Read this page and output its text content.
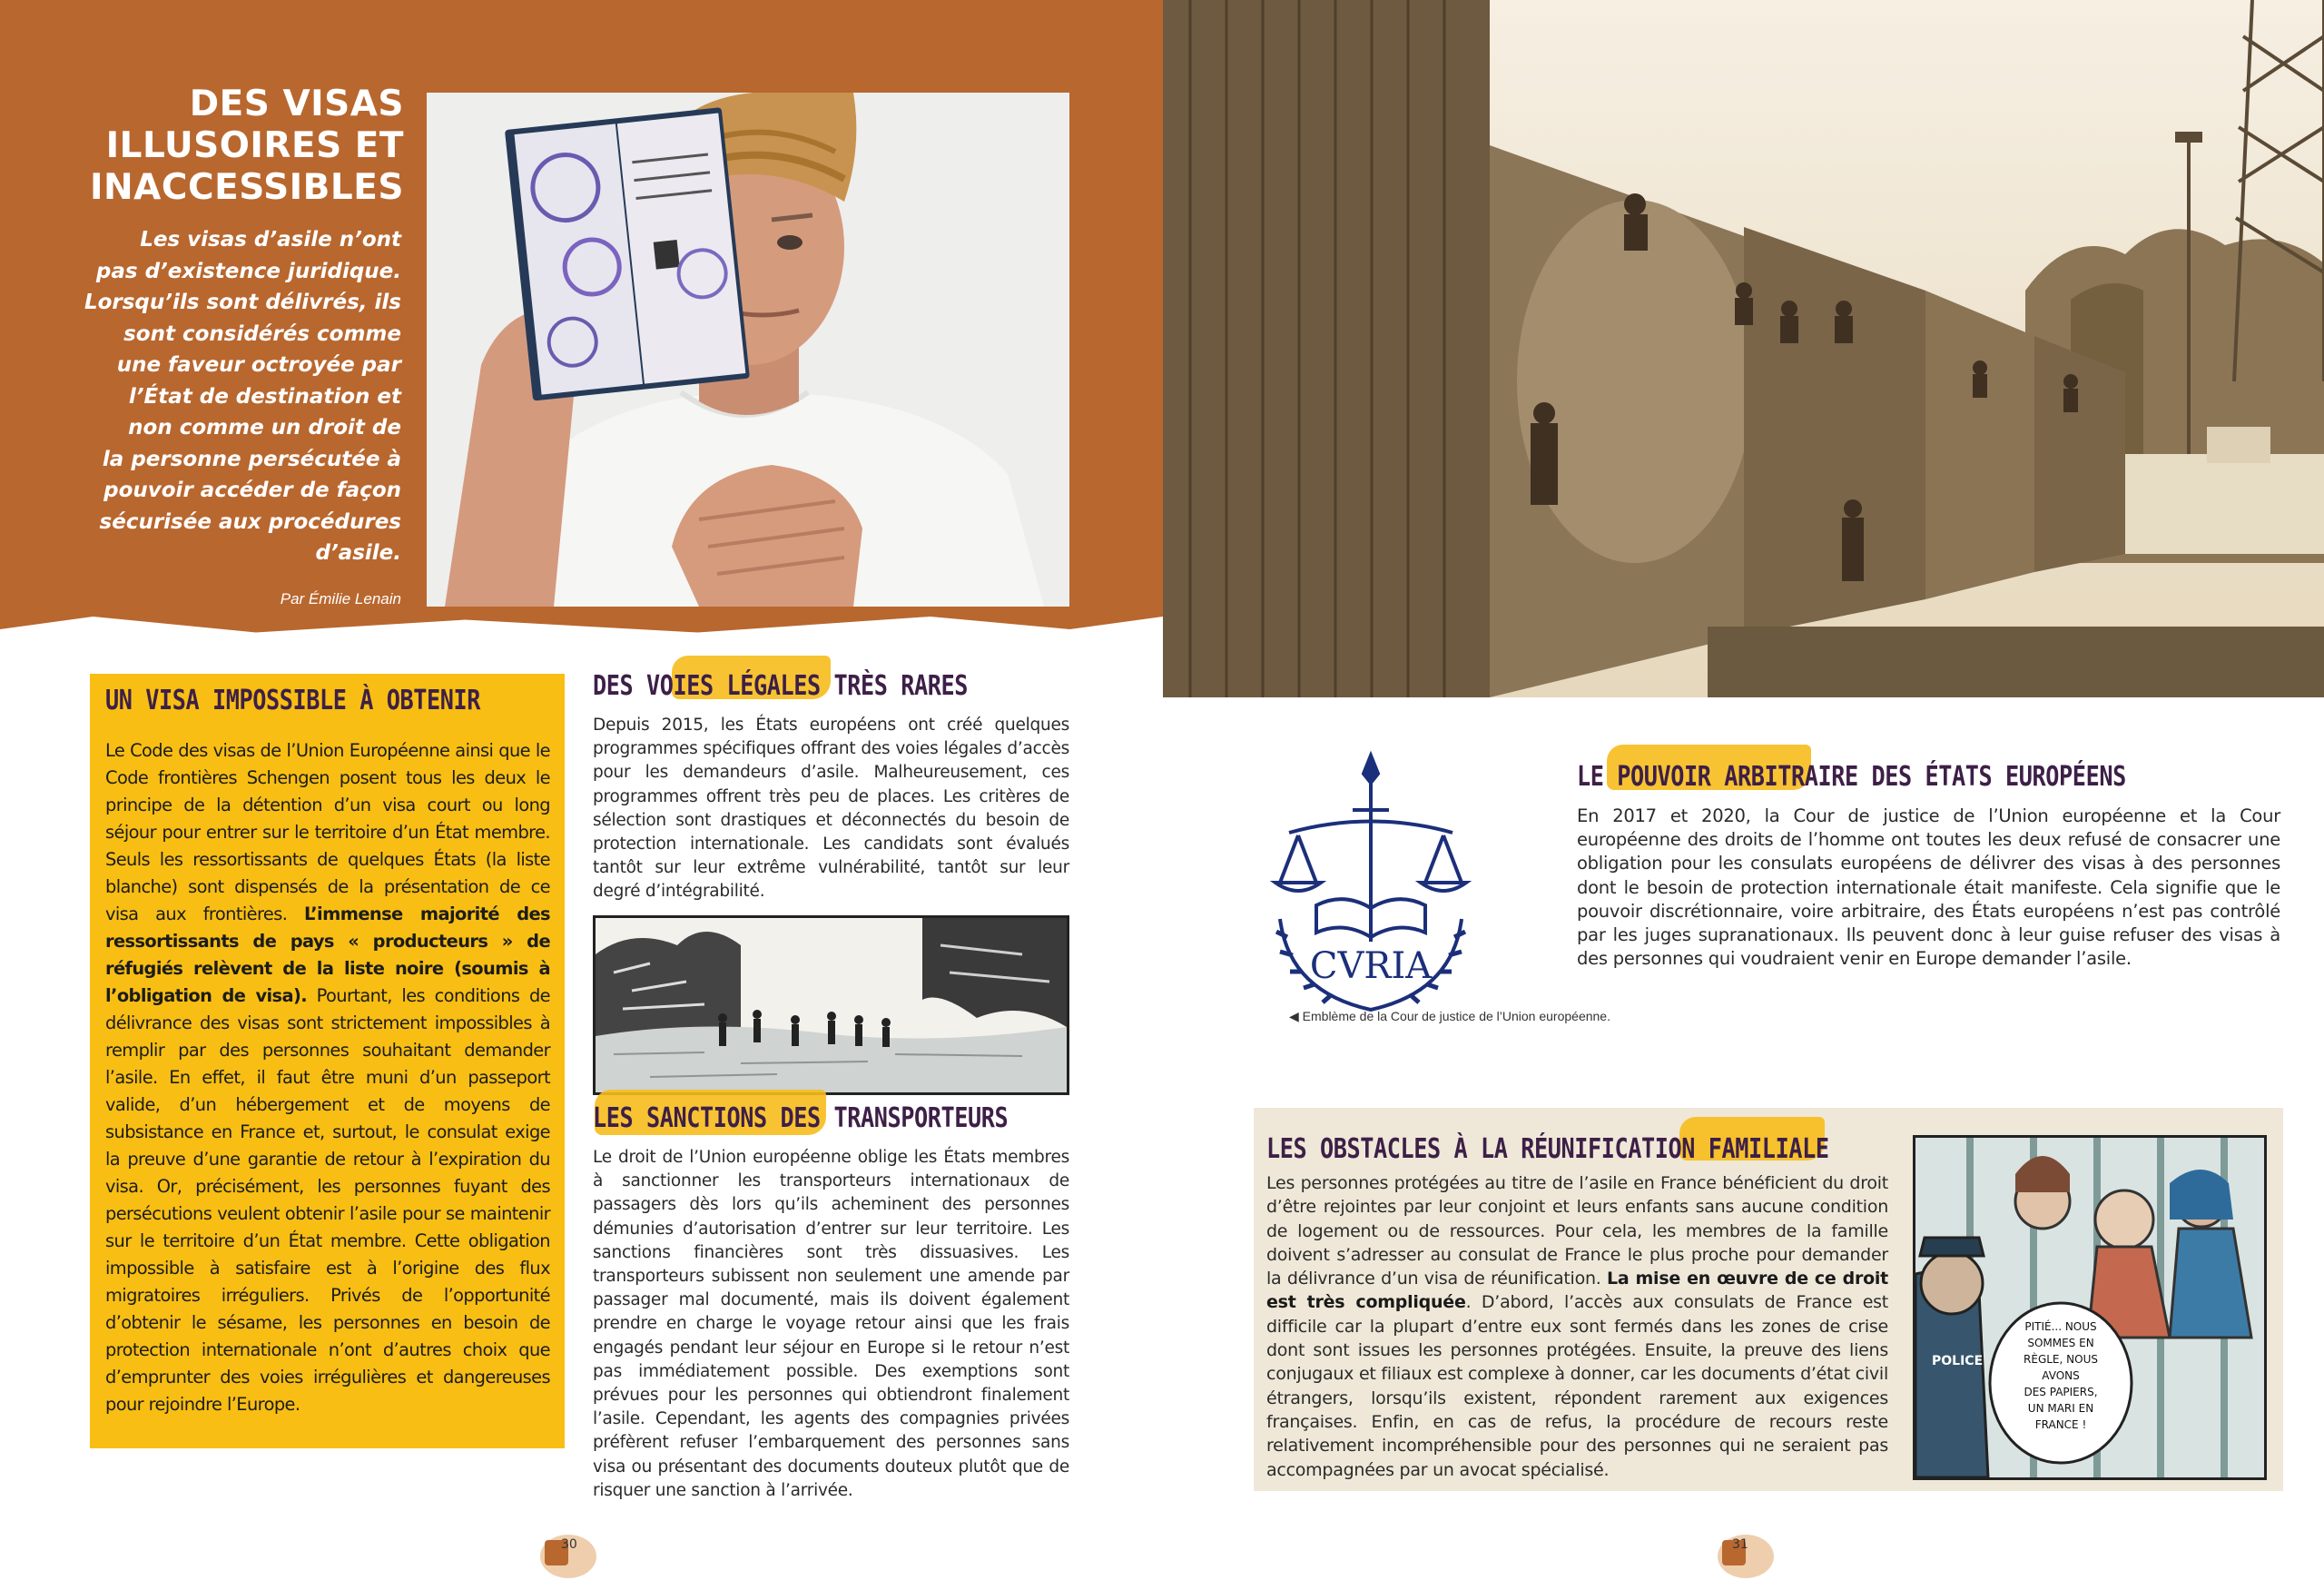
DES VISAS
ILLUSOIRES ET
INACCESSIBLES
Les visas d’asile n’ont
pas d’existence juridique.
Lorsqu’ils sont délivrés, ils
sont considérés comme
une faveur octroyée par
l’État de destination et
non comme un droit de
la personne persécutée à
pouvoir accéder de façon
sécurisée aux procédures
d’asile.
Par Émilie Lenain
UN VISA IMPOSSIBLE À OBTENIR
Le Code des visas de l’Union Européenne ainsi que le Code frontières Schengen posent tous les deux le principe de la détention d’un visa court ou long séjour pour entrer sur le territoire d’un État membre. Seuls les ressortissants de quelques États (la liste blanche) sont dispensés de la présentation de ce visa aux frontières. L’immense majorité des ressortissants de pays « producteurs » de réfugiés relèvent de la liste noire (soumis à l’obligation de visa). Pourtant, les conditions de délivrance des visas sont strictement impossibles à remplir par des personnes souhaitant demander l’asile. En effet, il faut être muni d’un passeport valide, d’un hébergement et de moyens de subsistance en France et, surtout, le consulat exige la preuve d’une garantie de retour à l’expiration du visa. Or, précisément, les personnes fuyant des persécutions veulent obtenir l’asile pour se maintenir sur le territoire d’un État membre. Cette obligation impossible à satisfaire est à l’origine des flux migratoires irréguliers. Privés de l’opportunité d’obtenir le sésame, les personnes en besoin de protection internationale n’ont d’autres choix que d’emprunter des voies irrégulières et dangereuses pour rejoindre l’Europe.
DES VOIES LÉGALES TRÈS RARES
Depuis 2015, les États européens ont créé quelques programmes spécifiques offrant des voies légales d’accès pour les demandeurs d’asile. Malheureusement, ces programmes offrent très peu de places. Les critères de sélection sont drastiques et déconnectés du besoin de protection internationale. Les candidats sont évalués tantôt sur leur extrême vulnérabilité, tantôt sur leur degré d’intégrabilité.
LES SANCTIONS DES TRANSPORTEURS
Le droit de l’Union européenne oblige les États membres à sanctionner les transporteurs internationaux de passagers dès lors qu’ils acheminent des personnes démunies d’autorisation d’entrer sur leur territoire. Les sanctions financières sont très dissuasives. Les transporteurs subissent non seulement une amende par passager mal documenté, mais ils doivent également prendre en charge le voyage retour ainsi que les frais engagés pendant leur séjour en Europe si le retour n’est pas immédiatement possible. Des exemptions sont prévues pour les personnes qui obtiendront finalement l’asile. Cependant, les agents des compagnies privées préfèrent refuser l’embarquement des personnes sans visa ou présentant des documents douteux plutôt que de risquer une sanction à l’arrivée.
CVRIA
◀ Emblème de la Cour de justice de l’Union européenne.
LE POUVOIR ARBITRAIRE DES ÉTATS EUROPÉENS
En 2017 et 2020, la Cour de justice de l’Union européenne et la Cour européenne des droits de l’homme ont toutes les deux refusé de consacrer une obligation pour les consulats européens de délivrer des visas à des personnes dont le besoin de protection internationale était manifeste. Cela signifie que le pouvoir discrétionnaire, voire arbitraire, des États européens n’est pas contrôlé par les juges supranationaux. Ils peuvent donc à leur guise refuser des visas à des personnes qui voudraient venir en Europe demander l’asile.
LES OBSTACLES À LA RÉUNIFICATION FAMILIALE
Les personnes protégées au titre de l’asile en France bénéficient du droit d’être rejointes par leur conjoint et leurs enfants sans aucune condition de logement ou de ressources. Pour cela, les membres de la famille doivent s’adresser au consulat de France le plus proche pour demander la délivrance d’un visa de réunification. La mise en œuvre de ce droit est très compliquée. D’abord, l’accès aux consulats de France est difficile car la plupart d’entre eux sont fermés dans les zones de crise dont sont issues les personnes protégées. Ensuite, la preuve des liens conjugaux et filiaux est complexe à donner, car les documents d’état civil étrangers, lorsqu’ils existent, répondent rarement aux exigences françaises. Enfin, en cas de refus, la procédure de recours reste relativement incompréhensible pour des personnes qui ne seraient pas accompagnées par un avocat spécialisé.
POLICE
PITIÉ... NOUS
SOMMES EN
RÈGLE, NOUS
AVONS
DES PAPIERS,
UN MARI EN
FRANCE !
30	31
